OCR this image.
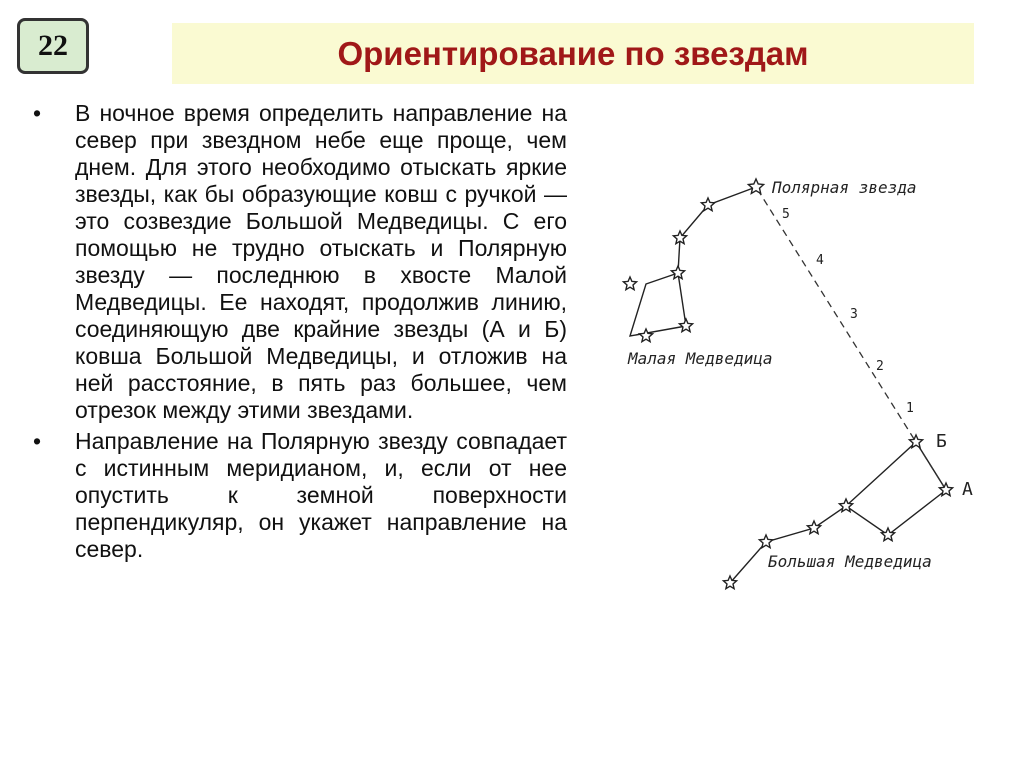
22	Ориентирование по звездам
• В ночное время определить направление на север при звездном небе еще проще, чем днем. Для этого необходимо отыскать яркие звезды, как бы образующие ковш с ручкой — это созвездие Большой Медведицы. С его помощью не трудно отыскать и Полярную звезду — последнюю в хвосте Малой Медведицы. Ее находят, продолжив линию, соединяющую две крайние звезды (А и Б) ковша Большой Медведицы, и отложив на ней расстояние, в пять раз большее, чем отрезок между этими звездами.
• Направление на Полярную звезду совпадает с истинным меридианом, и, если от нее опустить к земной поверхности перпендикуляр, он укажет направление на север.
5
4
3
2
1
Полярная звезда
Малая Медведица
Большая Медведица
Б
А
